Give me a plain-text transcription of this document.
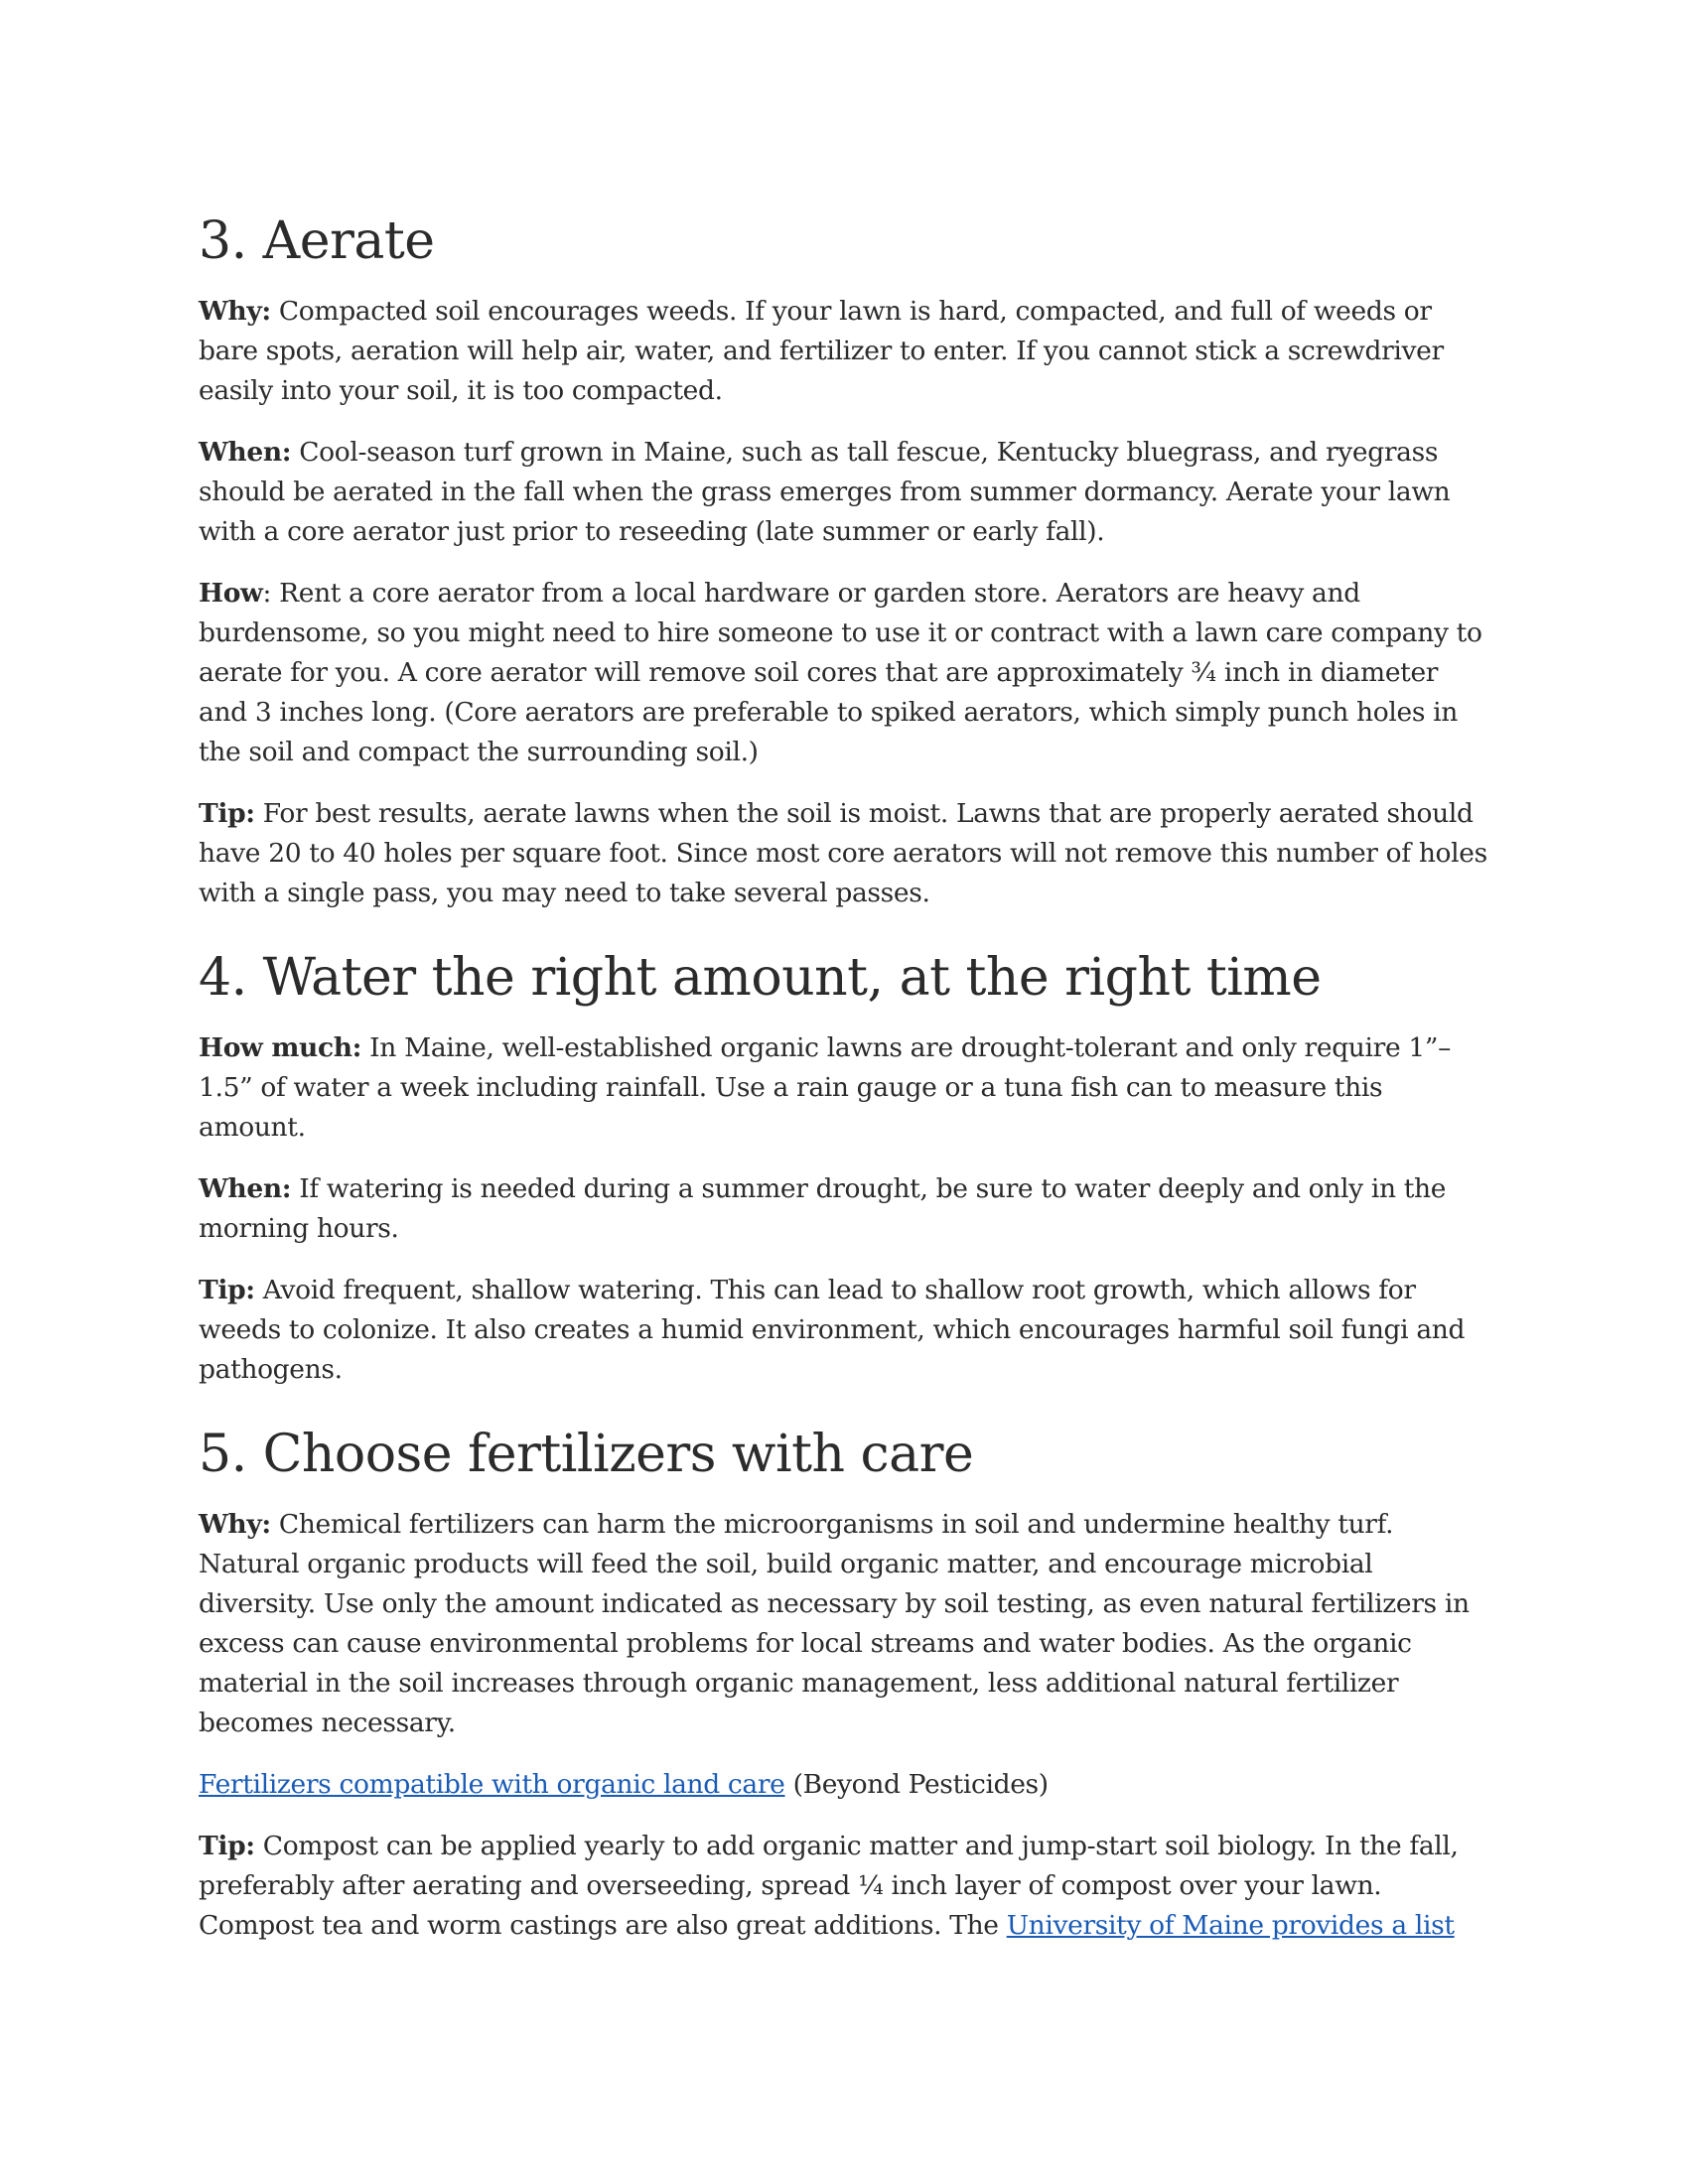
3. Aerate

Why: Compacted soil encourages weeds. If your lawn is hard, compacted, and full of weeds or bare spots, aeration will help air, water, and fertilizer to enter. If you cannot stick a screwdriver easily into your soil, it is too compacted.

When: Cool-season turf grown in Maine, such as tall fescue, Kentucky bluegrass, and ryegrass should be aerated in the fall when the grass emerges from summer dormancy. Aerate your lawn with a core aerator just prior to reseeding (late summer or early fall).

How: Rent a core aerator from a local hardware or garden store. Aerators are heavy and burdensome, so you might need to hire someone to use it or contract with a lawn care company to aerate for you. A core aerator will remove soil cores that are approximately ¾ inch in diameter and 3 inches long. (Core aerators are preferable to spiked aerators, which simply punch holes in the soil and compact the surrounding soil.)

Tip: For best results, aerate lawns when the soil is moist. Lawns that are properly aerated should have 20 to 40 holes per square foot. Since most core aerators will not remove this number of holes with a single pass, you may need to take several passes.

4. Water the right amount, at the right time

How much: In Maine, well-established organic lawns are drought-tolerant and only require 1”–1.5” of water a week including rainfall. Use a rain gauge or a tuna fish can to measure this amount.

When: If watering is needed during a summer drought, be sure to water deeply and only in the morning hours.

Tip: Avoid frequent, shallow watering. This can lead to shallow root growth, which allows for weeds to colonize. It also creates a humid environment, which encourages harmful soil fungi and pathogens.

5. Choose fertilizers with care

Why: Chemical fertilizers can harm the microorganisms in soil and undermine healthy turf. Natural organic products will feed the soil, build organic matter, and encourage microbial diversity. Use only the amount indicated as necessary by soil testing, as even natural fertilizers in excess can cause environmental problems for local streams and water bodies. As the organic material in the soil increases through organic management, less additional natural fertilizer becomes necessary.

Fertilizers compatible with organic land care (Beyond Pesticides)

Tip: Compost can be applied yearly to add organic matter and jump-start soil biology. In the fall, preferably after aerating and overseeding, spread ¼ inch layer of compost over your lawn. Compost tea and worm castings are also great additions. The University of Maine provides a list
